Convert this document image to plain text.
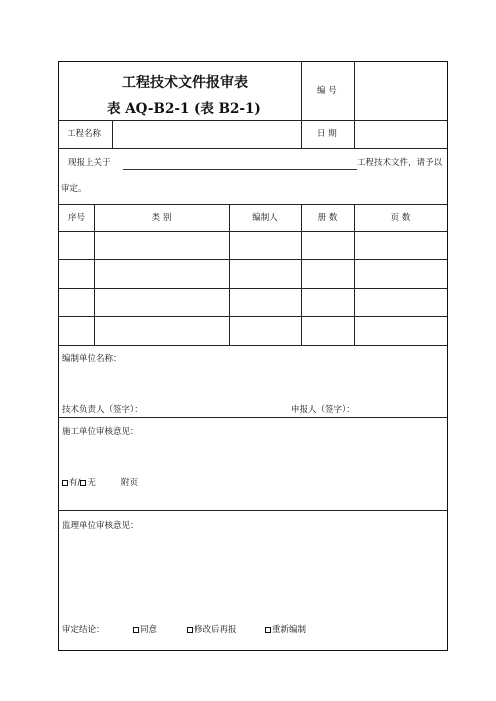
工程技术文件报审表
表 AQ-B2-1 (表 B2-1)
编 号
工程名称	日 期
现报上关于	工程技术文件，请予以
审定。
序号	类 别	编制人	册 数	页 数
编制单位名称：
技术负责人（签字）：	申报人（签字）：
施工单位审核意见：
有/ 无	附页
监理单位审核意见：
审定结论：	同意	修改后再报	重新编制
